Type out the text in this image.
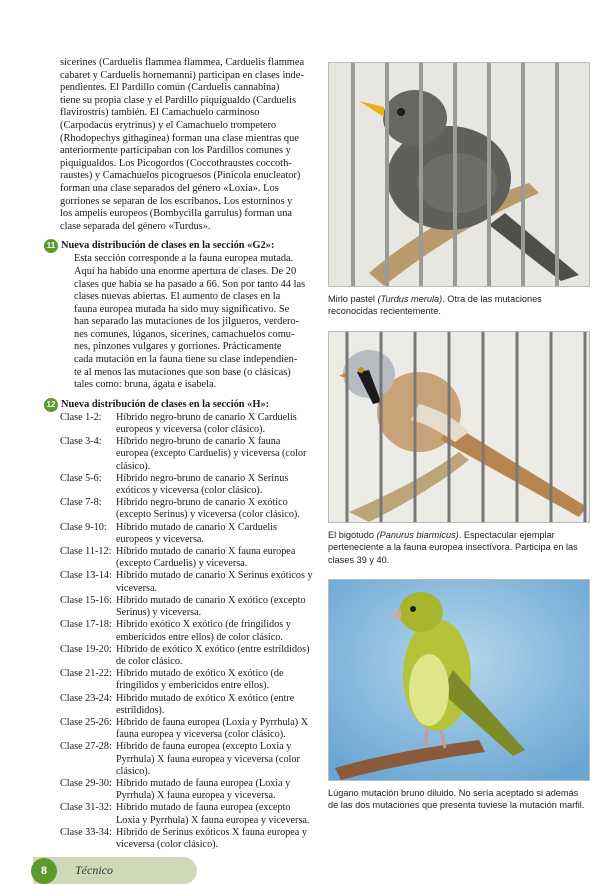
sicerines (Carduelis flammea flammea, Carduelis flammea
cabaret y Carduelis hornemanni) participan en clases inde-
pendientes. El Pardillo común (Carduelis cannabina)
tiene su propia clase y el Pardillo piquigualdo (Carduelis
flavirostris) también. El Camachuelo carminoso
(Carpodacus erytrinus) y el Camachuelo trompetero
(Rhodopechys githaginea) forman una clase mientras que
anteriormente participaban con los Pardillos comunes y
piquigualdos. Los Picogordos (Coccothraustes coccoth-
raustes) y Camachuelos picogruesos (Pinicola enucleator)
forman una clase separados del género «Loxia». Los
gorriones se separan de los escribanos. Los estorninos y
los ampelis europeos (Bombycilla garrulus) forman una
clase separada del género «Turdus».

11 Nueva distribución de clases en la sección «G2»:
Esta sección corresponde a la fauna europea mutada.
Aquí ha habido una enorme apertura de clases. De 20
clases que había se ha pasado a 66. Son por tanto 44 las
clases nuevas abiertas. El aumento de clases en la
fauna europea mutada ha sido muy significativo. Se
han separado las mutaciones de los jilgueros, verdero-
nes comunes, lúganos, sicerines, camachuelos comu-
nes, pinzones vulgares y gorriones. Prácticamente
cada mutación en la fauna tiene su clase independien-
te al menos las mutaciones que son base (o clásicas)
tales como: bruna, ágata e isabela.
12 Nueva distribución de clases en la sección «H»:
Clase 1-2:	Híbrido negro-bruno de canario X Carduelis europeos y viceversa (color clásico).
Clase 3-4:	Híbrido negro-bruno de canario X fauna europea (excepto Carduelis) y viceversa (color clásico).
Clase 5-6:	Híbrido negro-bruno de canario X Serinus exóticos y viceversa (color clásico).
Clase 7-8:	Híbrido negro-bruno de canario X exótico (excepto Serinus) y viceversa (color clásico).
Clase 9-10: Híbrido mutado de canario X Carduelis europeos y viceversa.
Clase 11-12: Híbrido mutado de canario X fauna europea (excepto Carduelis) y viceversa.
Clase 13-14: Híbrido mutado de canario X Serinus exóticos y viceversa.
Clase 15-16: Híbrido mutado de canario X exótico (excepto Serinus) y viceversa.
Clase 17-18: Híbrido exótico X exótico (de fringílidos y emberícidos entre ellos) de color clásico.
Clase 19-20: Híbrido de exótico X exótico (entre estríldidos) de color clásico.
Clase 21-22: Híbrido mutado de exótico X exótico (de fringílidos y embericidos entre ellos).
Clase 23-24: Híbrido mutado de exótico X exótico (entre estríldidos).
Clase 25-26: Híbrido de fauna europea (Loxia y Pyrrhula) X fauna europea y viceversa (color clásico).
Clase 27-28: Híbrido de fauna europea (excepto Loxia y Pyrrhula) X fauna europea y viceversa (color clásico).
Clase 29-30: Híbrido mutado de fauna europea (Loxia y Pyrrhula) X fauna europea y viceversa.
Clase 31-32: Híbrido mutado de fauna europea (excepto Loxia y Pyrrhula) X fauna europea y viceversa.
Clase 33-34: Híbrido de Serinus exóticos X fauna europea y viceversa (color clásico).

Mirlo pastel (Turdus merula). Otra de las mutaciones reconocidas recientemente.

El bigotudo (Panurus biarmicus). Espectacular ejemplar perteneciente a la fauna europea insectívora. Participa en las clases 39 y 40.

Lúgano mutación bruno diluido. No sería aceptado si además de las dos mutaciones que presenta tuviese la mutación marfil.

8	Técnico
